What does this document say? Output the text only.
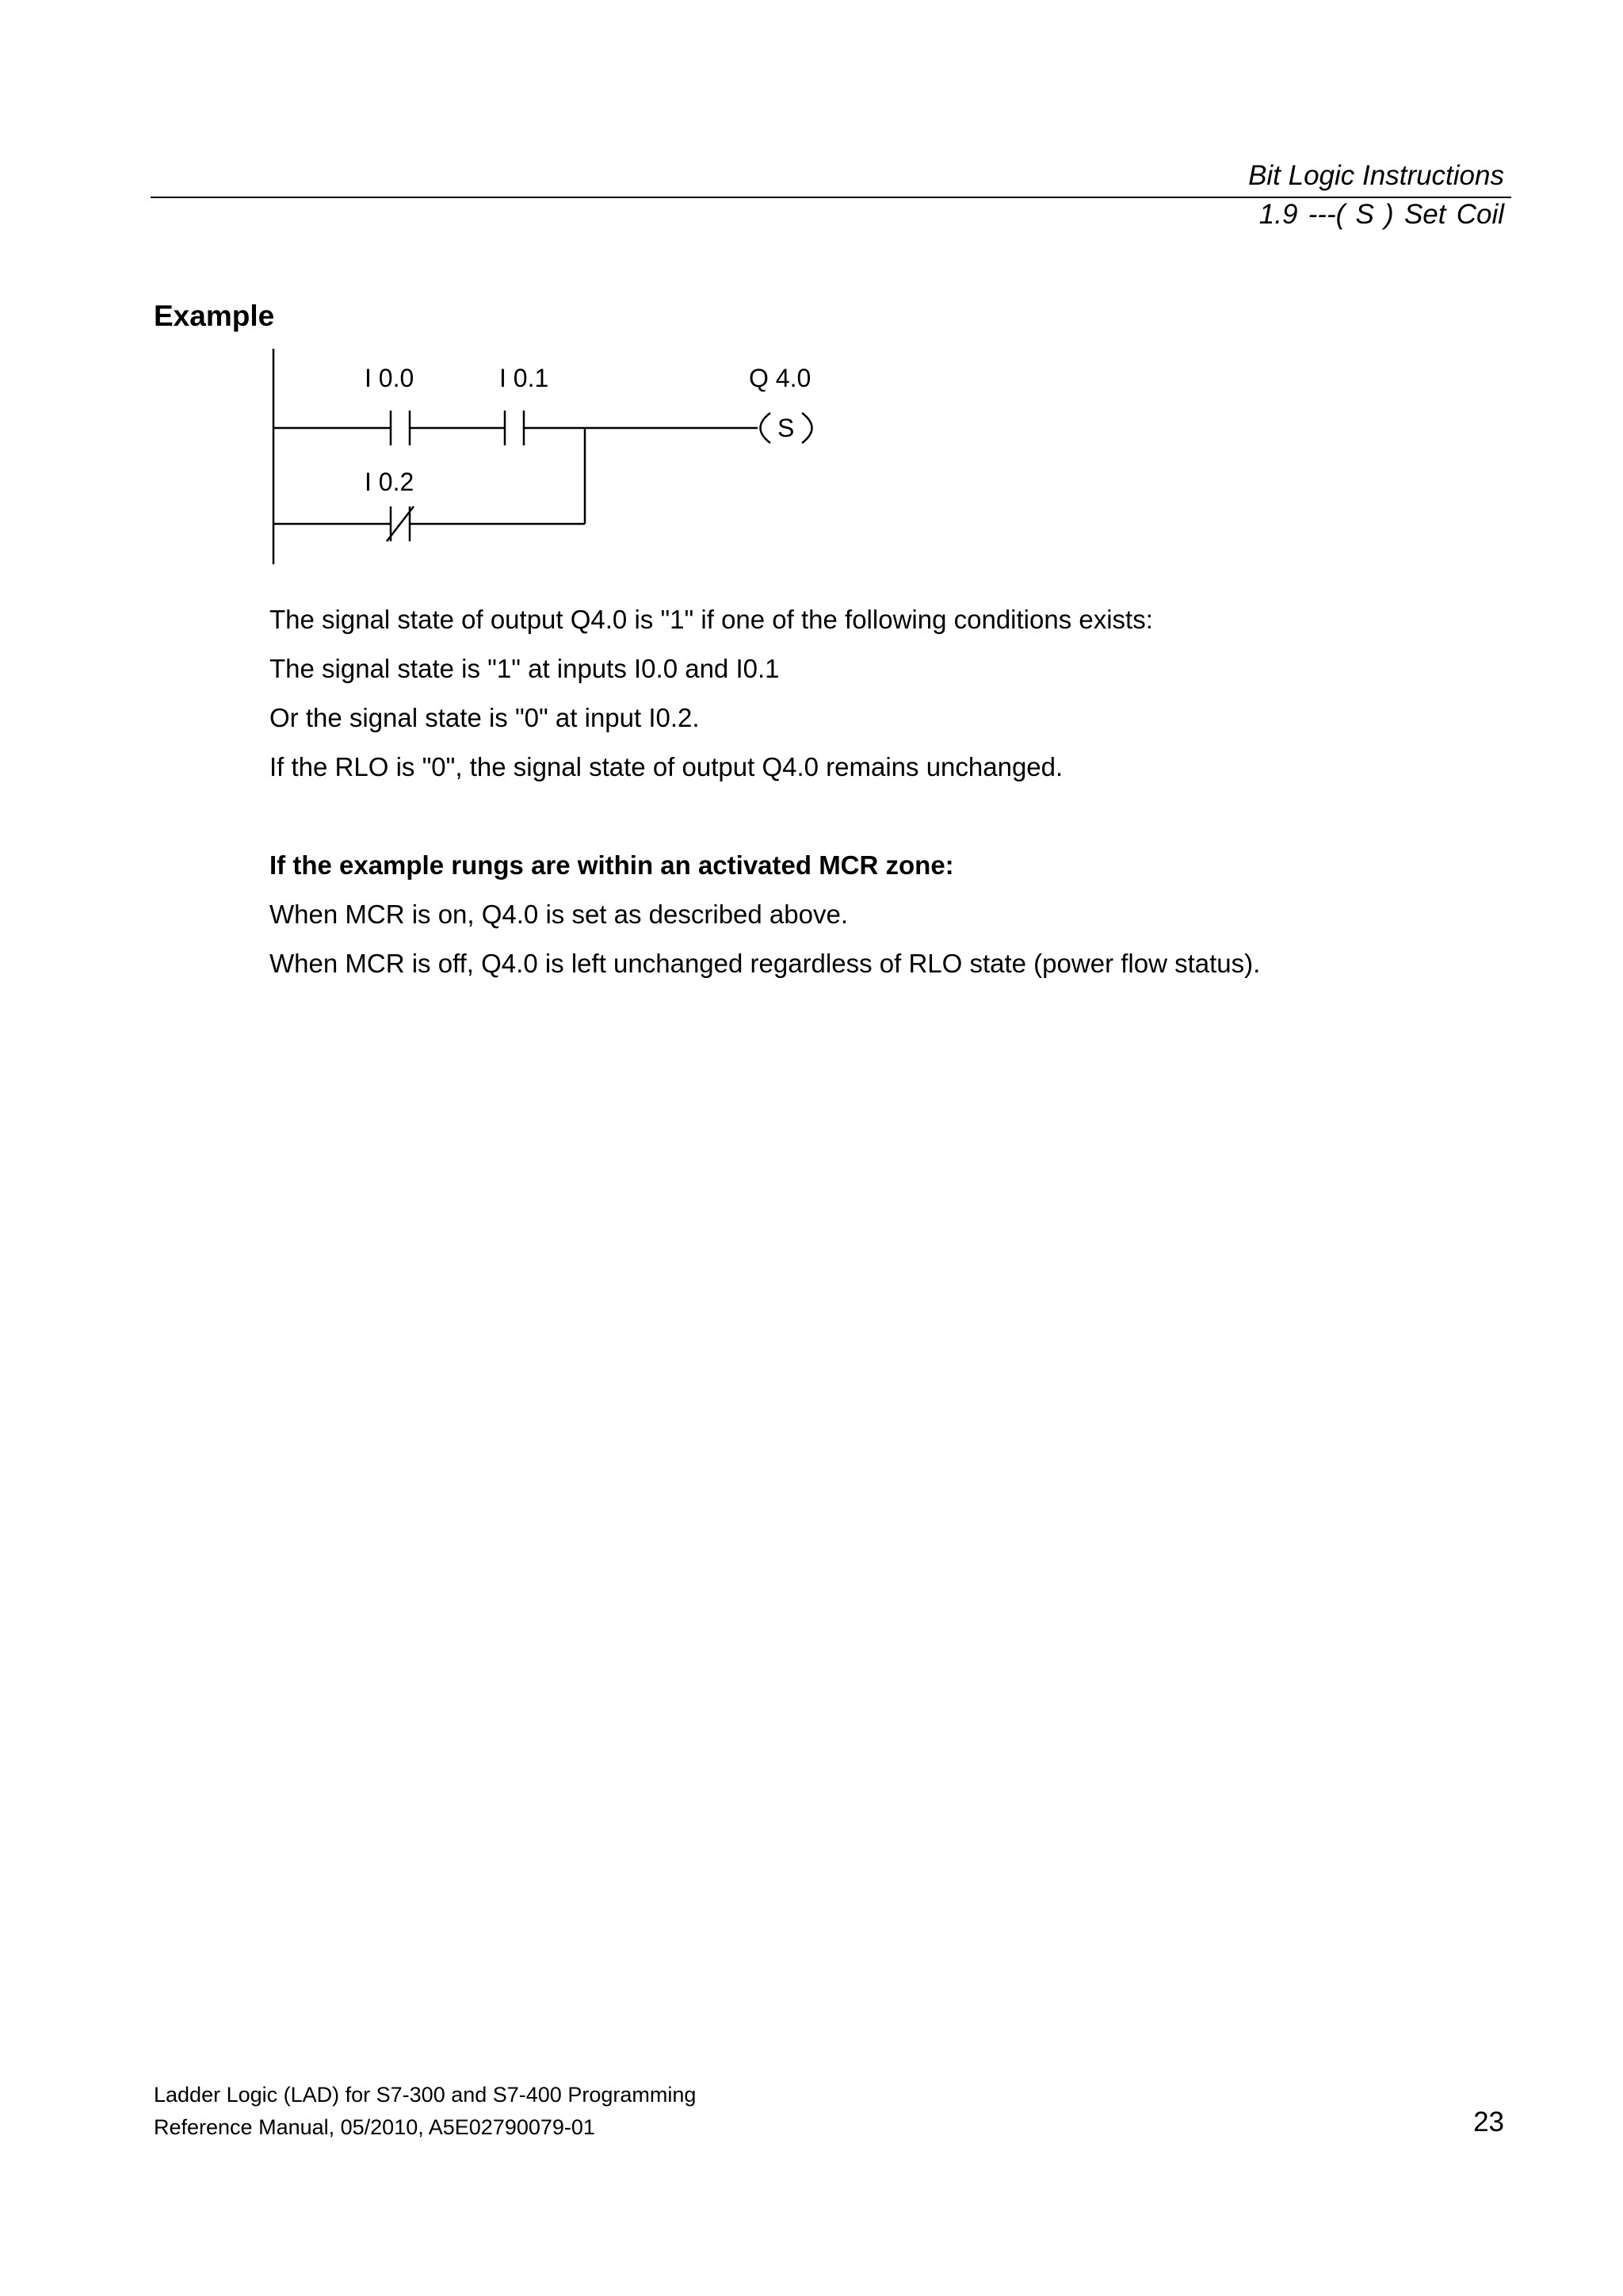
Bit Logic Instructions
1.9 ---( S ) Set Coil
Example
I 0.0	I 0.1	Q 4.0
S
I 0.2

The signal state of output Q4.0 is "1" if one of the following conditions exists:

The signal state is "1" at inputs I0.0 and I0.1

Or the signal state is "0" at input I0.2.

If the RLO is "0", the signal state of output Q4.0 remains unchanged.

If the example rungs are within an activated MCR zone:

When MCR is on, Q4.0 is set as described above.

When MCR is off, Q4.0 is left unchanged regardless of RLO state (power flow status).

Ladder Logic (LAD) for S7-300 and S7-400 Programming
Reference Manual, 05/2010, A5E02790079-01	23
